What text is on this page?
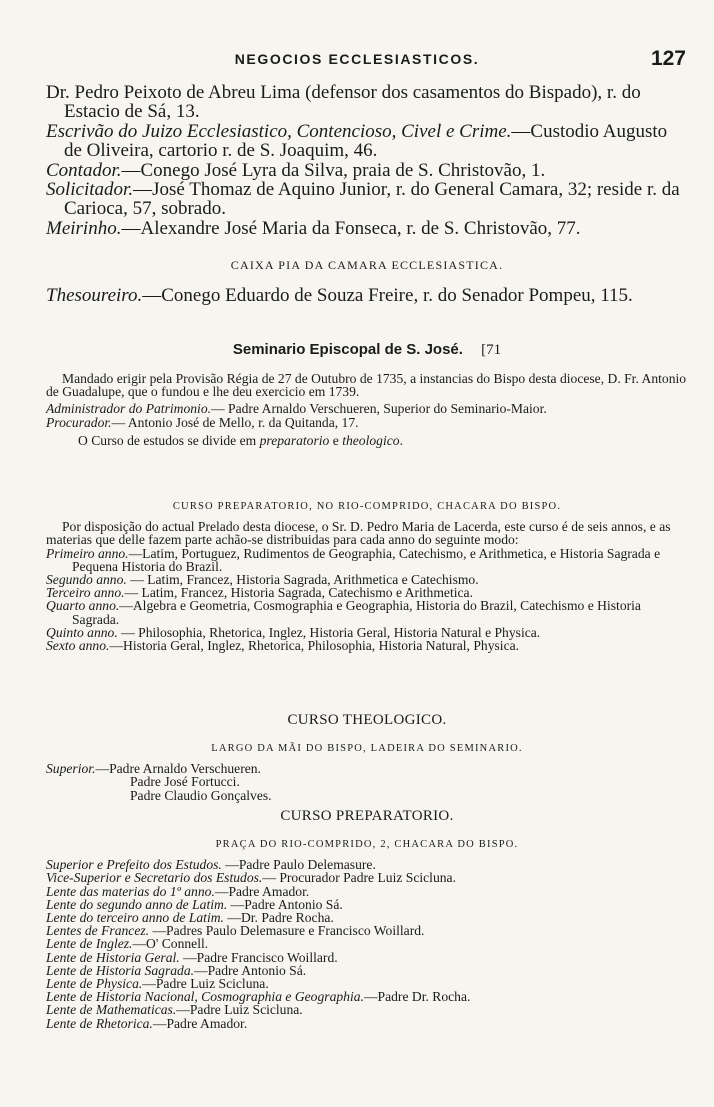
NEGOCIOS ECCLESIASTICOS.	127

Dr. Pedro Peixoto de Abreu Lima (defensor dos casamentos do Bispado), r. do Estacio de Sá, 13.

Escrivão do Juizo Ecclesiastico, Contencioso, Civel e Crime.—Custodio Augusto de Oliveira, cartorio r. de S. Joaquim, 46.

Contador.—Conego José Lyra da Silva, praia de S. Christovão, 1.

Solicitador.—José Thomaz de Aquino Junior, r. do General Camara, 32; reside r. da Carioca, 57, sobrado.

Meirinho.—Alexandre José Maria da Fonseca, r. de S. Christovão, 77.

CAIXA PIA DA CAMARA ECCLESIASTICA.

Thesoureiro.—Conego Eduardo de Souza Freire, r. do Senador Pompeu, 115.

Seminario Episcopal de S. José. [71

Mandado erigir pela Provisão Régia de 27 de Outubro de 1735, a instancias do Bispo desta diocese, D. Fr. Antonio de Guadalupe, que o fundou e lhe deu exercicio em 1739.

Administrador do Patrimonio.— Padre Arnaldo Verschueren, Superior do Seminario-Maior.

Procurador.— Antonio José de Mello, r. da Quitanda, 17.

O Curso de estudos se divide em preparatorio e theologico.

CURSO PREPARATORIO, NO RIO-COMPRIDO, CHACARA DO BISPO.

Por disposição do actual Prelado desta diocese, o Sr. D. Pedro Maria de Lacerda, este curso é de seis annos, e as materias que delle fazem parte achão-se distribuidas para cada anno do seguinte modo:

Primeiro anno.—Latim, Portuguez, Rudimentos de Geographia, Catechismo, e Arithmetica, e Historia Sagrada e Pequena Historia do Brazil.

Segundo anno. — Latim, Francez, Historia Sagrada, Arithmetica e Catechismo.

Terceiro anno.— Latim, Francez, Historia Sagrada, Catechismo e Arithmetica.

Quarto anno.—Algebra e Geometria, Cosmographia e Geographia, Historia do Brazil, Catechismo e Historia Sagrada.

Quinto anno. — Philosophia, Rhetorica, Inglez, Historia Geral, Historia Natural e Physica.

Sexto anno.—Historia Geral, Inglez, Rhetorica, Philosophia, Historia Natural, Physica.

CURSO THEOLOGICO.

LARGO DA MÃI DO BISPO, LADEIRA DO SEMINARIO.

Superior.—Padre Arnaldo Verschueren.

Padre José Fortucci.

Padre Claudio Gonçalves.

CURSO PREPARATORIO.

PRAÇA DO RIO-COMPRIDO, 2, CHACARA DO BISPO.

Superior e Prefeito dos Estudos. —Padre Paulo Delemasure.

Vice-Superior e Secretario dos Estudos.— Procurador Padre Luiz Scicluna.

Lente das materias do 1º anno.—Padre Amador.

Lente do segundo anno de Latim. —Padre Antonio Sá.

Lente do terceiro anno de Latim. —Dr. Padre Rocha.

Lentes de Francez. —Padres Paulo Delemasure e Francisco Woillard.

Lente de Inglez.—O' Connell.

Lente de Historia Geral. —Padre Francisco Woillard.

Lente de Historia Sagrada.—Padre Antonio Sá.

Lente de Physica.—Padre Luiz Scicluna.

Lente de Historia Nacional, Cosmographia e Geographia.—Padre Dr. Rocha.

Lente de Mathematicas.—Padre Luiz Scicluna.

Lente de Rhetorica.—Padre Amador.
